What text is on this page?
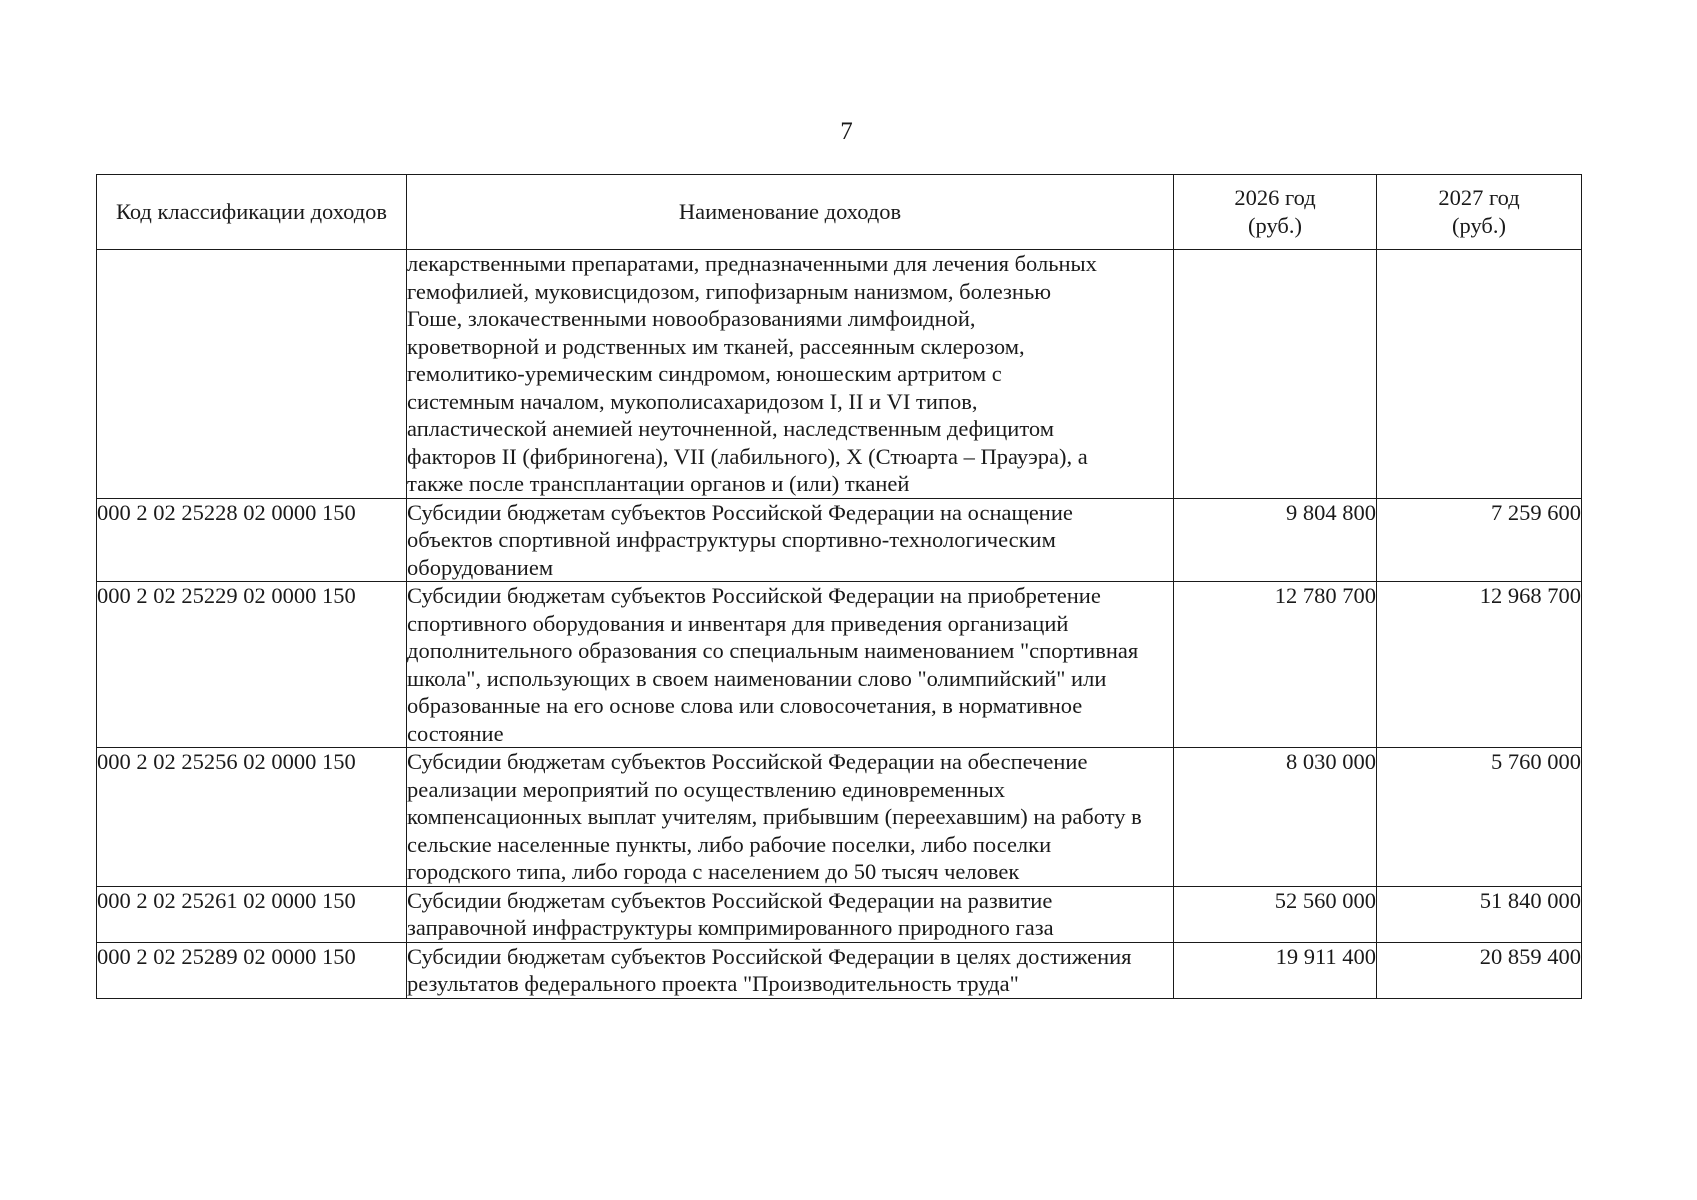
7
Код классификации доходов	Наименование доходов	2026 год (руб.)	2027 год (руб.)

	лекарственными препаратами, предназначенными для лечения больных гемофилией, муковисцидозом, гипофизарным нанизмом, болезнью Гоше, злокачественными новообразованиями лимфоидной, кроветворной и родственных им тканей, рассеянным склерозом, гемолитико-уремическим синдромом, юношеским артритом с системным началом, мукополисахаридозом I, II и VI типов, апластической анемией неуточненной, наследственным дефицитом факторов II (фибриногена), VII (лабильного), X (Стюарта – Прауэра), а также после трансплантации органов и (или) тканей		

000 2 02 25228 02 0000 150	Субсидии бюджетам субъектов Российской Федерации на оснащение объектов спортивной инфраструктуры спортивно-технологическим оборудованием	9 804 800	7 259 600
000 2 02 25229 02 0000 150	Субсидии бюджетам субъектов Российской Федерации на приобретение спортивного оборудования и инвентаря для приведения организаций дополнительного образования со специальным наименованием "спортивная школа", использующих в своем наименовании слово "олимпийский" или образованные на его основе слова или словосочетания, в нормативное состояние	12 780 700	12 968 700
000 2 02 25256 02 0000 150	Субсидии бюджетам субъектов Российской Федерации на обеспечение реализации мероприятий по осуществлению единовременных компенсационных выплат учителям, прибывшим (переехавшим) на работу в сельские населенные пункты, либо рабочие поселки, либо поселки городского типа, либо города с населением до 50 тысяч человек	8 030 000	5 760 000
000 2 02 25261 02 0000 150	Субсидии бюджетам субъектов Российской Федерации на развитие заправочной инфраструктуры компримированного природного газа	52 560 000	51 840 000
000 2 02 25289 02 0000 150	Субсидии бюджетам субъектов Российской Федерации в целях достижения результатов федерального проекта "Производительность труда"	19 911 400	20 859 400
